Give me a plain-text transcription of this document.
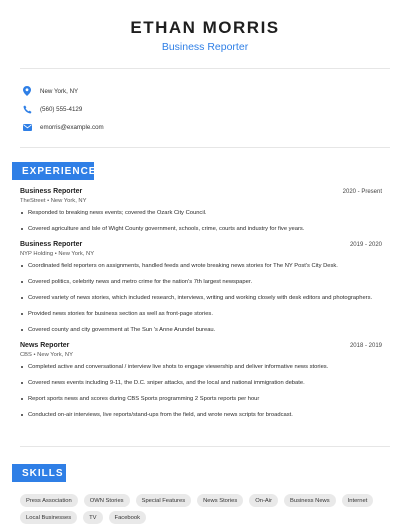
ETHAN MORRIS
Business Reporter
New York, NY
(560) 555-4129
emorris@example.com
EXPERIENCE
Business Reporter	2020 - Present
TheStreet • New York, NY
Responded to breaking news events; covered the Ozark City Council.
Covered agriculture and Isle of Wight County government, schools, crime, courts and industry for five years.
Business Reporter	2019 - 2020
NYP Holding • New York, NY
Coordinated field reporters on assignments, handled feeds and wrote breaking news stories for The NY Post's City Desk.
Covered politics, celebrity news and metro crime for the nation's 7th largest newspaper.
Covered variety of news stories, which included research, interviews, writing and working closely with desk editors and photographers.
Provided news stories for business section as well as front-page stories.
Covered county and city government at The Sun 's Anne Arundel bureau.
News Reporter	2018 - 2019
CBS • New York, NY
Completed active and conversational / interview live shots to engage viewership and deliver informative news stories.
Covered news events including 9-11, the D.C. sniper attacks, and the local and national immigration debate.
Report sports news and scores during CBS Sports programming 2 Sports reports per hour
Conducted on-air interviews, live reports/stand-ups from the field, and wrote news scripts for broadcast.
SKILLS
Press Association	OWN Stories	Special Features	News Stories	On-Air	Business News	Internet
Local Businesses	TV	Facebook
